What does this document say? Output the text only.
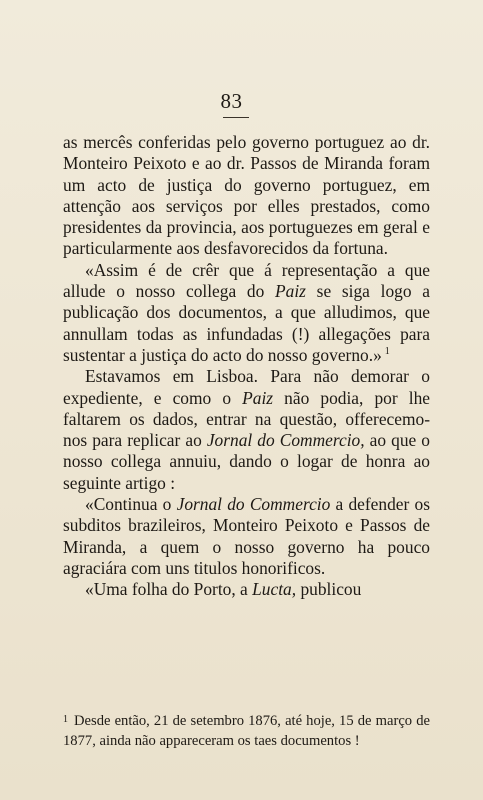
83

as mercês conferidas pelo governo portuguez ao dr. Monteiro Peixoto e ao dr. Passos de Miranda foram um acto de justiça do governo portuguez, em attenção aos serviços por elles prestados, como presidentes da provincia, aos portuguezes em geral e particularmente aos desfavorecidos da fortuna.

«Assim é de crêr que á representação a que allude o nosso collega do Paiz se siga logo a publicação dos documentos, a que alludimos, que annullam todas as infundadas (!) allegações para sustentar a justiça do acto do nosso governo.» $^1$

Estavamos em Lisboa. Para não demorar o expediente, e como o Paiz não podia, por lhe faltarem os dados, entrar na questão, offerecemo-nos para replicar ao Jornal do Commercio, ao que o nosso collega annuiu, dando o logar de honra ao seguinte artigo :

«Continua o Jornal do Commercio a defender os subditos brazileiros, Monteiro Peixoto e Passos de Miranda, a quem o nosso governo ha pouco agraciára com uns titulos honorificos.

«Uma folha do Porto, a Lucta, publicou

$^1$ Desde então, 21 de setembro 1876, até hoje, 15 de março de 1877, ainda não appareceram os taes documentos !
